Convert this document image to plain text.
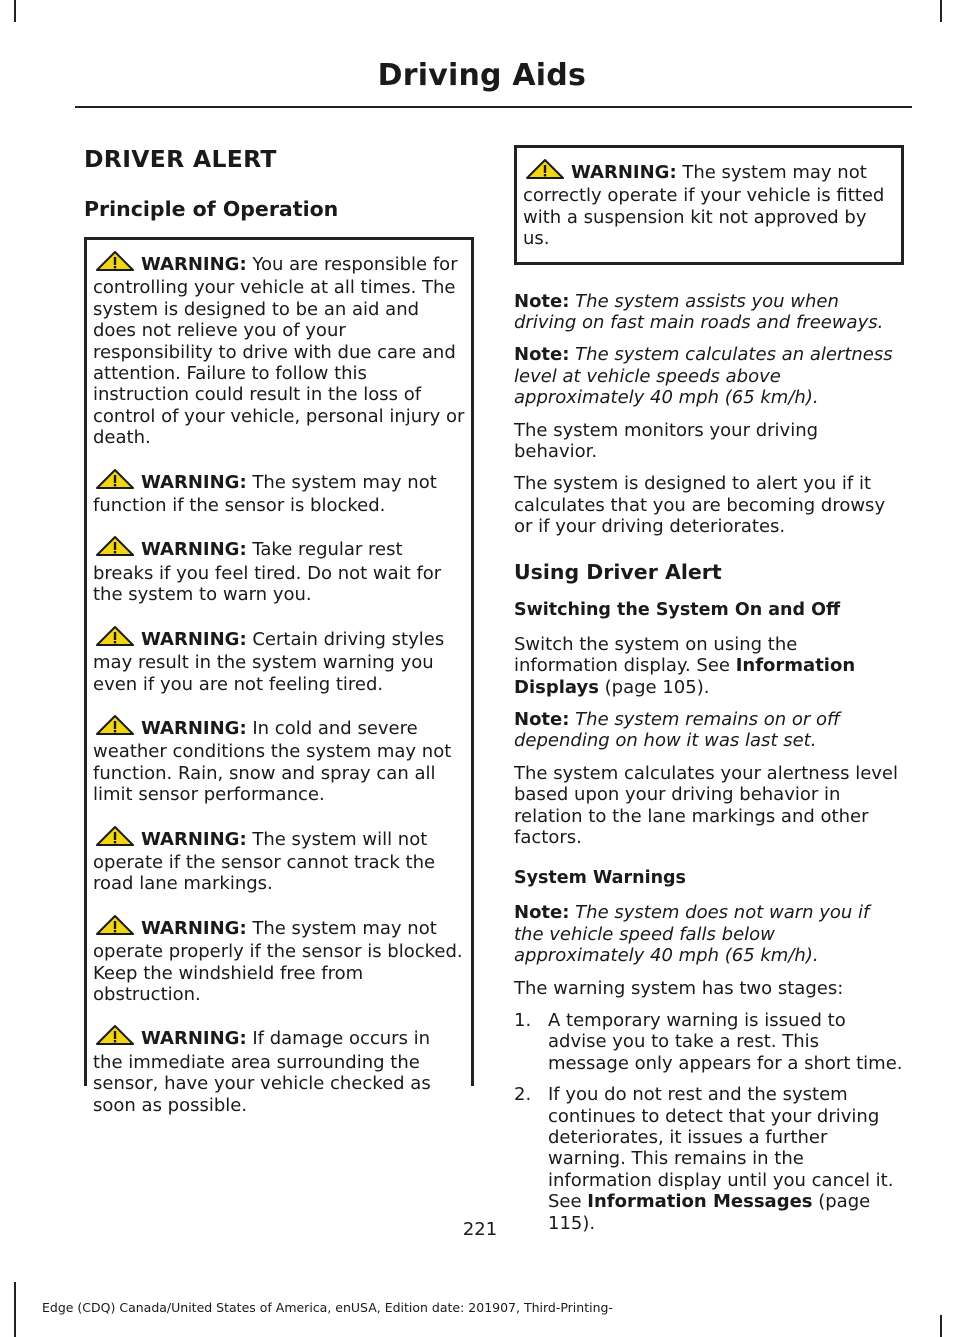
Driving Aids
DRIVER ALERT
Principle of Operation
WARNING: You are responsible for controlling your vehicle at all times. The system is designed to be an aid and does not relieve you of your responsibility to drive with due care and attention. Failure to follow this instruction could result in the loss of control of your vehicle, personal injury or death.
WARNING: The system may not function if the sensor is blocked.
WARNING: Take regular rest breaks if you feel tired. Do not wait for the system to warn you.
WARNING: Certain driving styles may result in the system warning you even if you are not feeling tired.
WARNING: In cold and severe weather conditions the system may not function. Rain, snow and spray can all limit sensor performance.
WARNING: The system will not operate if the sensor cannot track the road lane markings.
WARNING: The system may not operate properly if the sensor is blocked. Keep the windshield free from obstruction.
WARNING: If damage occurs in the immediate area surrounding the sensor, have your vehicle checked as soon as possible.
WARNING: The system may not correctly operate if your vehicle is fitted with a suspension kit not approved by us.

Note: The system assists you when driving on fast main roads and freeways.

Note: The system calculates an alertness level at vehicle speeds above approximately 40 mph (65 km/h).

The system monitors your driving behavior.

The system is designed to alert you if it calculates that you are becoming drowsy or if your driving deteriorates.

Using Driver Alert
Switching the System On and Off

Switch the system on using the information display. See Information Displays (page 105).

Note: The system remains on or off depending on how it was last set.

The system calculates your alertness level based upon your driving behavior in relation to the lane markings and other factors.

System Warnings

Note: The system does not warn you if the vehicle speed falls below approximately 40 mph (65 km/h).

The warning system has two stages:

1. A temporary warning is issued to advise you to take a rest. This message only appears for a short time.
2. If you do not rest and the system continues to detect that your driving deteriorates, it issues a further warning. This remains in the information display until you cancel it. See Information Messages (page 115).
221
Edge (CDQ) Canada/United States of America, enUSA, Edition date: 201907, Third-Printing-
